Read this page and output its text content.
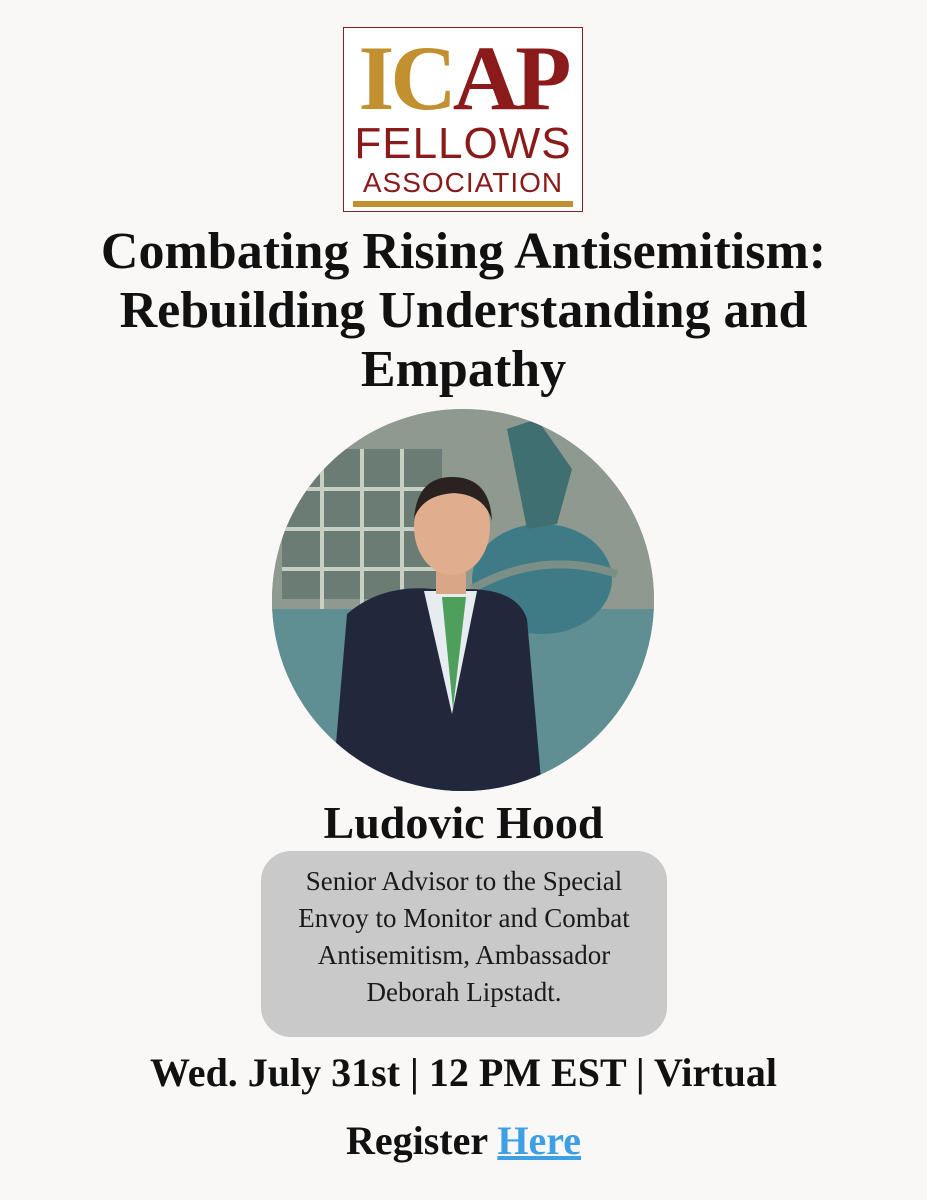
ICAP
FELLOWS
ASSOCIATION
Combating Rising Antisemitism: Rebuilding Understanding and Empathy
Ludovic Hood
Senior Advisor to the Special Envoy to Monitor and Combat Antisemitism, Ambassador Deborah Lipstadt.
Wed. July 31st | 12 PM EST | Virtual
Register Here
